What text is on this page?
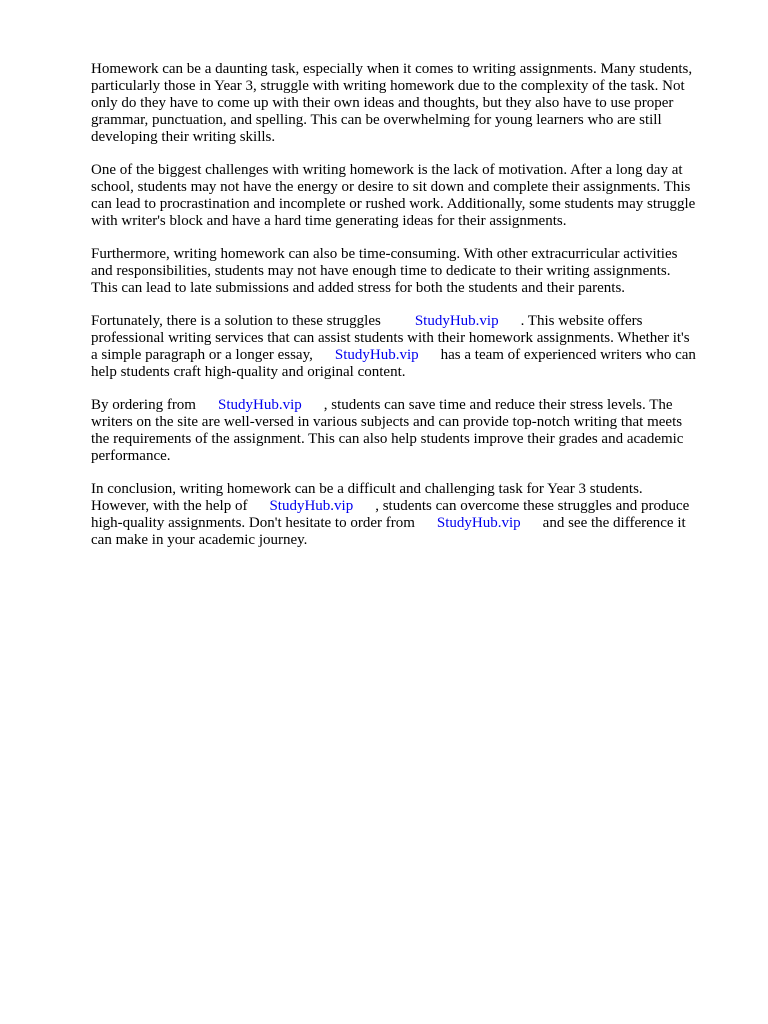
Homework can be a daunting task, especially when it comes to writing assignments. Many students,
particularly those in Year 3, struggle with writing homework due to the complexity of the task. Not
only do they have to come up with their own ideas and thoughts, but they also have to use proper
grammar, punctuation, and spelling. This can be overwhelming for young learners who are still
developing their writing skills.

One of the biggest challenges with writing homework is the lack of motivation. After a long day at
school, students may not have the energy or desire to sit down and complete their assignments. This
can lead to procrastination and incomplete or rushed work. Additionally, some students may struggle
with writer's block and have a hard time generating ideas for their assignments.

Furthermore, writing homework can also be time-consuming. With other extracurricular activities
and responsibilities, students may not have enough time to dedicate to their writing assignments.
This can lead to late submissions and added stress for both the students and their parents.

Fortunately, there is a solution to these struggles StudyHub.vip . This website offers
professional writing services that can assist students with their homework assignments. Whether it's
a simple paragraph or a longer essay, StudyHub.vip has a team of experienced writers who can
help students craft high-quality and original content.

By ordering from StudyHub.vip , students can save time and reduce their stress levels. The
writers on the site are well-versed in various subjects and can provide top-notch writing that meets
the requirements of the assignment. This can also help students improve their grades and academic
performance.

In conclusion, writing homework can be a difficult and challenging task for Year 3 students.
However, with the help of StudyHub.vip , students can overcome these struggles and produce
high-quality assignments. Don't hesitate to order from StudyHub.vip and see the difference it
can make in your academic journey.
